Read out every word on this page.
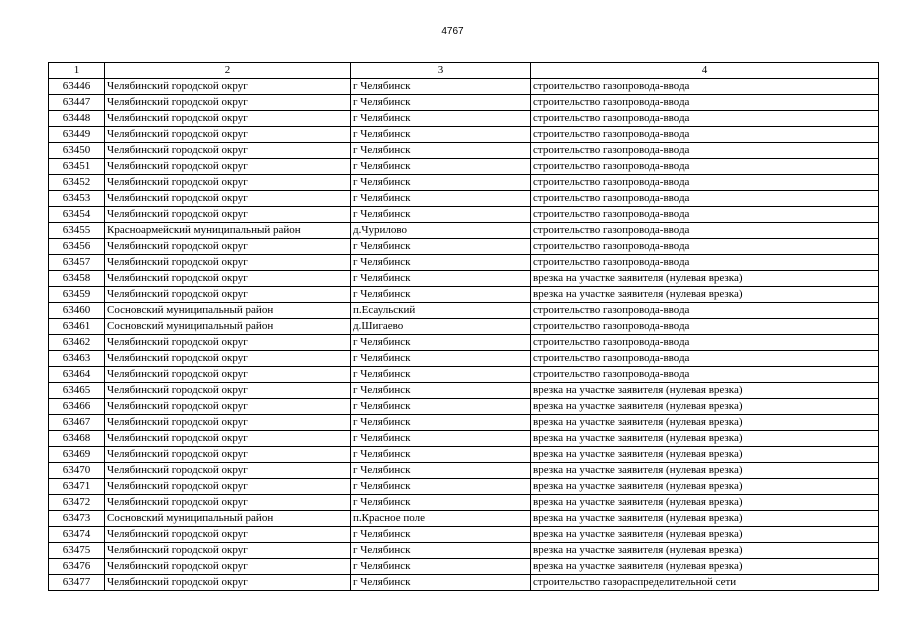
4767
1	2	3	4
63446	Челябинский городской округ	г Челябинск	строительство газопровода-ввода
63447	Челябинский городской округ	г Челябинск	строительство газопровода-ввода
63448	Челябинский городской округ	г Челябинск	строительство газопровода-ввода
63449	Челябинский городской округ	г Челябинск	строительство газопровода-ввода
63450	Челябинский городской округ	г Челябинск	строительство газопровода-ввода
63451	Челябинский городской округ	г Челябинск	строительство газопровода-ввода
63452	Челябинский городской округ	г Челябинск	строительство газопровода-ввода
63453	Челябинский городской округ	г Челябинск	строительство газопровода-ввода
63454	Челябинский городской округ	г Челябинск	строительство газопровода-ввода
63455	Красноармейский муниципальный район	д.Чурилово	строительство газопровода-ввода
63456	Челябинский городской округ	г Челябинск	строительство газопровода-ввода
63457	Челябинский городской округ	г Челябинск	строительство газопровода-ввода
63458	Челябинский городской округ	г Челябинск	врезка на участке заявителя (нулевая врезка)
63459	Челябинский городской округ	г Челябинск	врезка на участке заявителя (нулевая врезка)
63460	Сосновский муниципальный район	п.Есаульский	строительство газопровода-ввода
63461	Сосновский муниципальный район	д.Шигаево	строительство газопровода-ввода
63462	Челябинский городской округ	г Челябинск	строительство газопровода-ввода
63463	Челябинский городской округ	г Челябинск	строительство газопровода-ввода
63464	Челябинский городской округ	г Челябинск	строительство газопровода-ввода
63465	Челябинский городской округ	г Челябинск	врезка на участке заявителя (нулевая врезка)
63466	Челябинский городской округ	г Челябинск	врезка на участке заявителя (нулевая врезка)
63467	Челябинский городской округ	г Челябинск	врезка на участке заявителя (нулевая врезка)
63468	Челябинский городской округ	г Челябинск	врезка на участке заявителя (нулевая врезка)
63469	Челябинский городской округ	г Челябинск	врезка на участке заявителя (нулевая врезка)
63470	Челябинский городской округ	г Челябинск	врезка на участке заявителя (нулевая врезка)
63471	Челябинский городской округ	г Челябинск	врезка на участке заявителя (нулевая врезка)
63472	Челябинский городской округ	г Челябинск	врезка на участке заявителя (нулевая врезка)
63473	Сосновский муниципальный район	п.Красное поле	врезка на участке заявителя (нулевая врезка)
63474	Челябинский городской округ	г Челябинск	врезка на участке заявителя (нулевая врезка)
63475	Челябинский городской округ	г Челябинск	врезка на участке заявителя (нулевая врезка)
63476	Челябинский городской округ	г Челябинск	врезка на участке заявителя (нулевая врезка)
63477	Челябинский городской округ	г Челябинск	строительство газораспределительной сети
